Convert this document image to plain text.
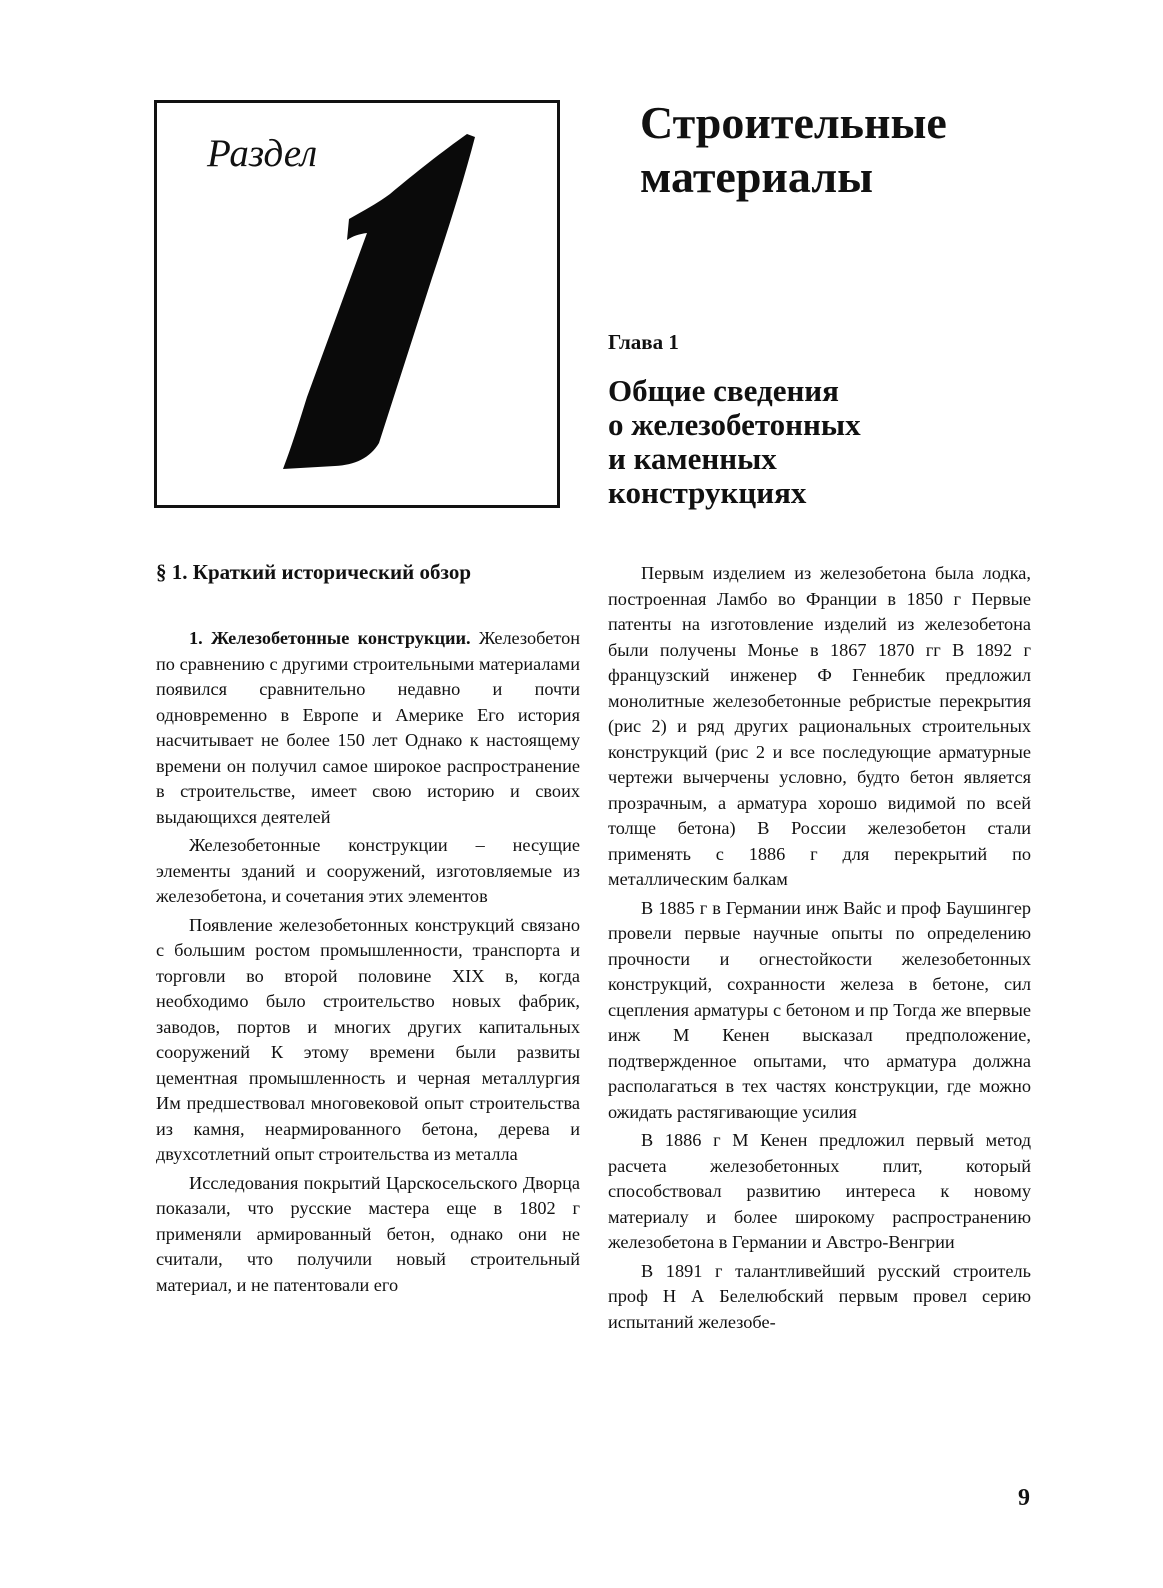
Раздел
Строительные
материалы
Глава 1
Общие сведения
о железобетонных
и каменных
конструкциях
§ 1. Краткий исторический обзор

1. Железобетонные конструкции. Железобетон по сравнению с другими строительными материалами появился сравнительно недавно и почти одновременно в Европе и Америке Его история насчитывает не более 150 лет Однако к настоящему времени он получил самое широкое распространение в строительстве, имеет свою историю и своих выдающихся деятелей

Железобетонные конструкции – несущие элементы зданий и сооружений, изготовляемые из железобетона, и сочетания этих элементов

Появление железобетонных конструкций связано с большим ростом промышленности, транспорта и торговли во второй половине XIX в, когда необходимо было строительство новых фабрик, заводов, портов и многих других капитальных сооружений К этому времени были развиты цементная промышленность и черная металлургия Им предшествовал многовековой опыт строительства из камня, неармированного бетона, дерева и двухсотлетний опыт строительства из металла

Исследования покрытий Царскосельского Дворца показали, что русские мастера еще в 1802 г применяли армированный бетон, однако они не считали, что получили новый строительный материал, и не патентовали его

Первым изделием из железобетона была лодка, построенная Ламбо во Франции в 1850 г Первые патенты на изготовление изделий из железобетона были получены Монье в 1867 1870 гг В 1892 г французский инженер Ф Геннебик предложил монолитные железобетонные ребристые перекрытия (рис 2) и ряд других рациональных строительных конструкций (рис 2 и все последующие арматурные чертежи вычерчены условно, будто бетон является прозрачным, а арматура хорошо видимой по всей толще бетона) В России железобетон стали применять с 1886 г для перекрытий по металлическим балкам

В 1885 г в Германии инж Вайс и проф Баушингер провели первые научные опыты по определению прочности и огнестойкости железобетонных конструкций, сохранности железа в бетоне, сил сцепления арматуры с бетоном и пр Тогда же впервые инж М Кенен высказал предположение, подтвержденное опытами, что арматура должна располагаться в тех частях конструкции, где можно ожидать растягивающие усилия

В 1886 г М Кенен предложил первый метод расчета железобетонных плит, который способствовал развитию интереса к новому материалу и более широкому распространению железобетона в Германии и Австро-Венгрии

В 1891 г талантливейший русский строитель проф Н А Белелюбский первым провел серию испытаний железобе-

9
